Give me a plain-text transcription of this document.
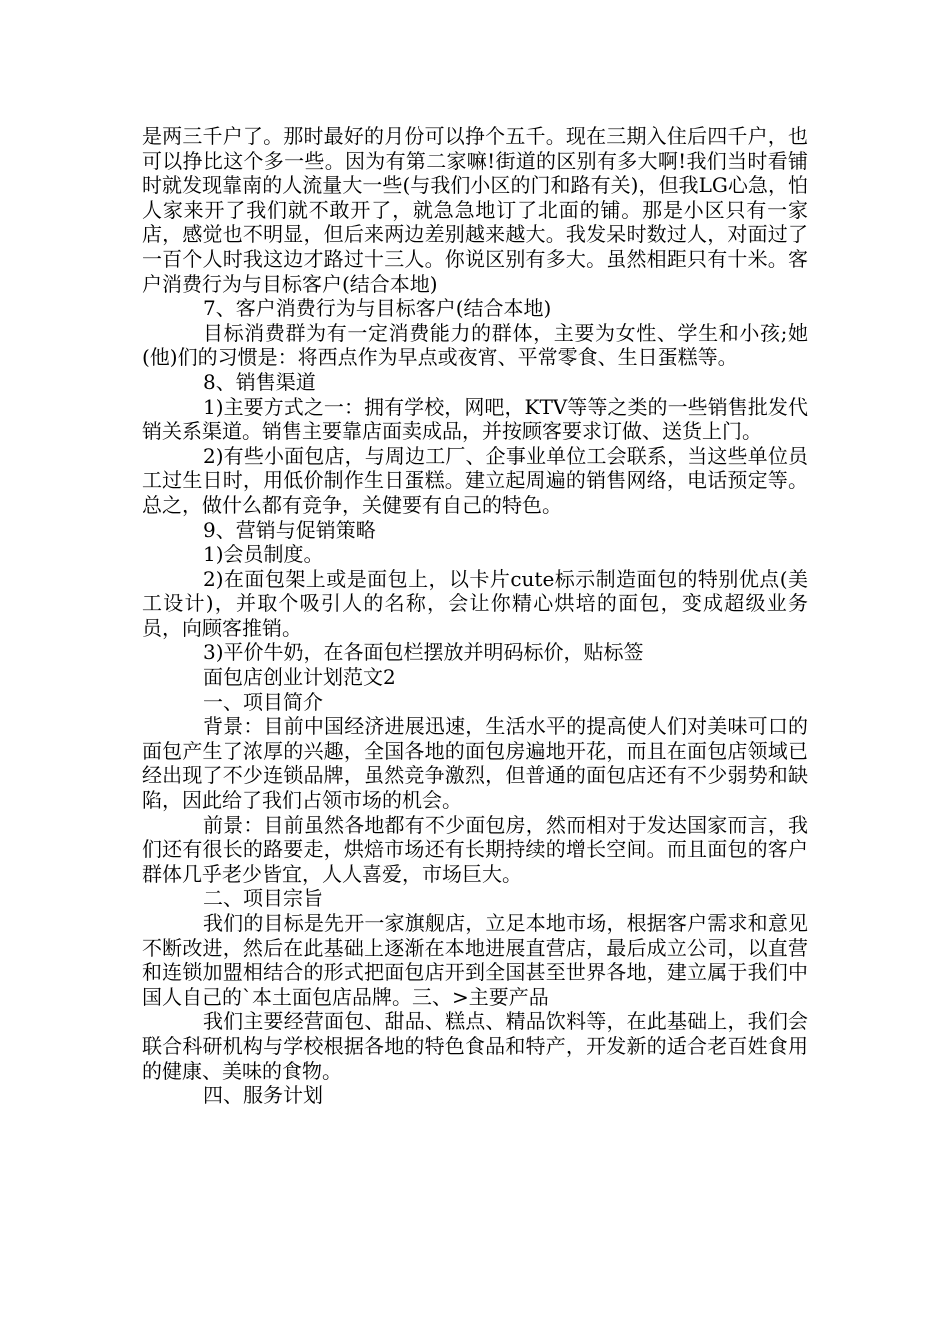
是两三千户了。那时最好的月份可以挣个五千。现在三期入住后四千户，也可以挣比这个多一些。因为有第二家嘛!街道的区别有多大啊!我们当时看铺时就发现靠南的人流量大一些(与我们小区的门和路有关)，但我LG心急，怕人家来开了我们就不敢开了，就急急地订了北面的铺。那是小区只有一家店，感觉也不明显，但后来两边差别越来越大。我发呆时数过人，对面过了一百个人时我这边才路过十三人。你说区别有多大。虽然相距只有十米。客户消费行为与目标客户(结合本地)

7、客户消费行为与目标客户(结合本地)

目标消费群为有一定消费能力的群体，主要为女性、学生和小孩;她(他)们的习惯是：将西点作为早点或夜宵、平常零食、生日蛋糕等。

8、销售渠道

1)主要方式之一：拥有学校，网吧，KTV等等之类的一些销售批发代销关系渠道。销售主要靠店面卖成品，并按顾客要求订做、送货上门。

2)有些小面包店，与周边工厂、企事业单位工会联系，当这些单位员工过生日时，用低价制作生日蛋糕。建立起周遍的销售网络，电话预定等。总之，做什么都有竞争，关健要有自己的特色。

9、营销与促销策略

1)会员制度。

2)在面包架上或是面包上，以卡片cute标示制造面包的特别优点(美工设计)，并取个吸引人的名称，会让你精心烘培的面包，变成超级业务员，向顾客推销。

3)平价牛奶，在各面包栏摆放并明码标价，贴标签

面包店创业计划范文2

一、项目简介

背景：目前中国经济进展迅速，生活水平的提高使人们对美味可口的面包产生了浓厚的兴趣，全国各地的面包房遍地开花，而且在面包店领域已经出现了不少连锁品牌，虽然竞争激烈，但普通的面包店还有不少弱势和缺陷，因此给了我们占领市场的机会。

前景：目前虽然各地都有不少面包房，然而相对于发达国家而言，我们还有很长的路要走，烘焙市场还有长期持续的增长空间。而且面包的客户群体几乎老少皆宜，人人喜爱，市场巨大。

二、项目宗旨

我们的目标是先开一家旗舰店，立足本地市场，根据客户需求和意见不断改进，然后在此基础上逐渐在本地进展直营店，最后成立公司，以直营和连锁加盟相结合的形式把面包店开到全国甚至世界各地，建立属于我们中国人自己的`本土面包店品牌。三、>主要产品

我们主要经营面包、甜品、糕点、精品饮料等，在此基础上，我们会联合科研机构与学校根据各地的特色食品和特产，开发新的适合老百姓食用的健康、美味的食物。

四、服务计划
